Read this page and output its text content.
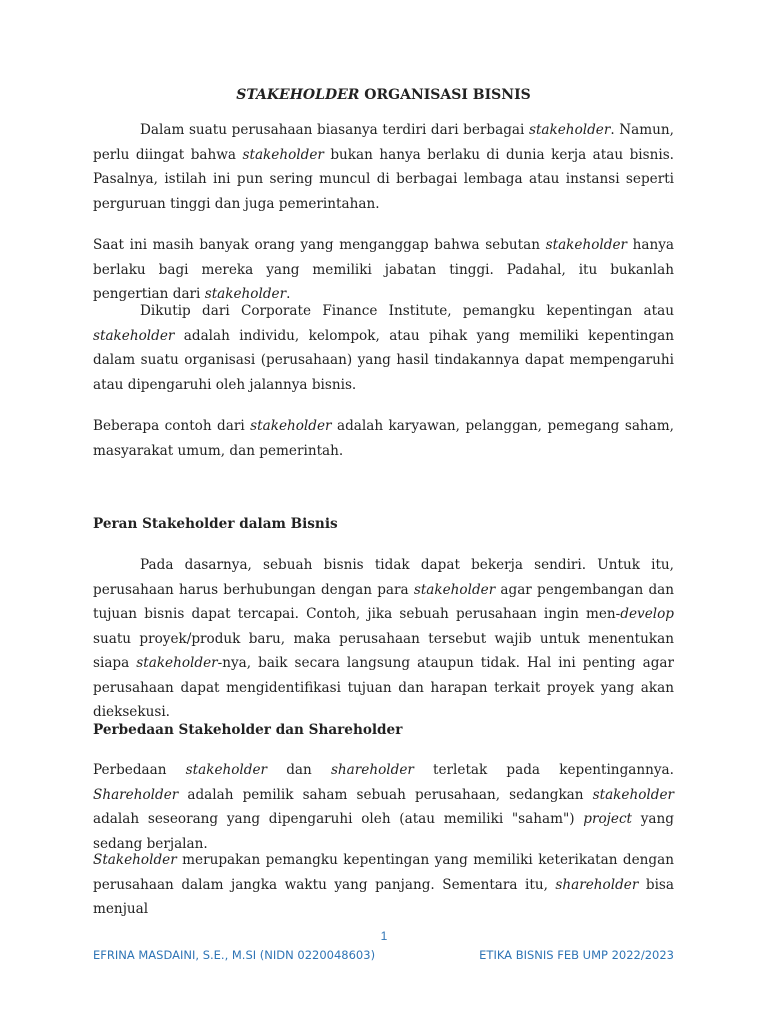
STAKEHOLDER ORGANISASI BISNIS

Dalam suatu perusahaan biasanya terdiri dari berbagai stakeholder. Namun, perlu diingat bahwa stakeholder bukan hanya berlaku di dunia kerja atau bisnis. Pasalnya, istilah ini pun sering muncul di berbagai lembaga atau instansi seperti perguruan tinggi dan juga pemerintahan.

Saat ini masih banyak orang yang menganggap bahwa sebutan stakeholder hanya berlaku bagi mereka yang memiliki jabatan tinggi. Padahal, itu bukanlah pengertian dari stakeholder.

Dikutip dari Corporate Finance Institute, pemangku kepentingan atau stakeholder adalah individu, kelompok, atau pihak yang memiliki kepentingan dalam suatu organisasi (perusahaan) yang hasil tindakannya dapat mempengaruhi atau dipengaruhi oleh jalannya bisnis.

Beberapa contoh dari stakeholder adalah karyawan, pelanggan, pemegang saham, masyarakat umum, dan pemerintah.

Peran Stakeholder dalam Bisnis

Pada dasarnya, sebuah bisnis tidak dapat bekerja sendiri. Untuk itu, perusahaan harus berhubungan dengan para stakeholder agar pengembangan dan tujuan bisnis dapat tercapai. Contoh, jika sebuah perusahaan ingin men-develop suatu proyek/produk baru, maka perusahaan tersebut wajib untuk menentukan siapa stakeholder-nya, baik secara langsung ataupun tidak. Hal ini penting agar perusahaan dapat mengidentifikasi tujuan dan harapan terkait proyek yang akan dieksekusi.

Perbedaan Stakeholder dan Shareholder

Perbedaan stakeholder dan shareholder terletak pada kepentingannya. Shareholder adalah pemilik saham sebuah perusahaan, sedangkan stakeholder adalah seseorang yang dipengaruhi oleh (atau memiliki "saham") project yang sedang berjalan.

Stakeholder merupakan pemangku kepentingan yang memiliki keterikatan dengan perusahaan dalam jangka waktu yang panjang. Sementara itu, shareholder bisa menjual

1
EFRINA MASDAINI, S.E., M.SI (NIDN 0220048603)	ETIKA BISNIS FEB UMP 2022/2023
